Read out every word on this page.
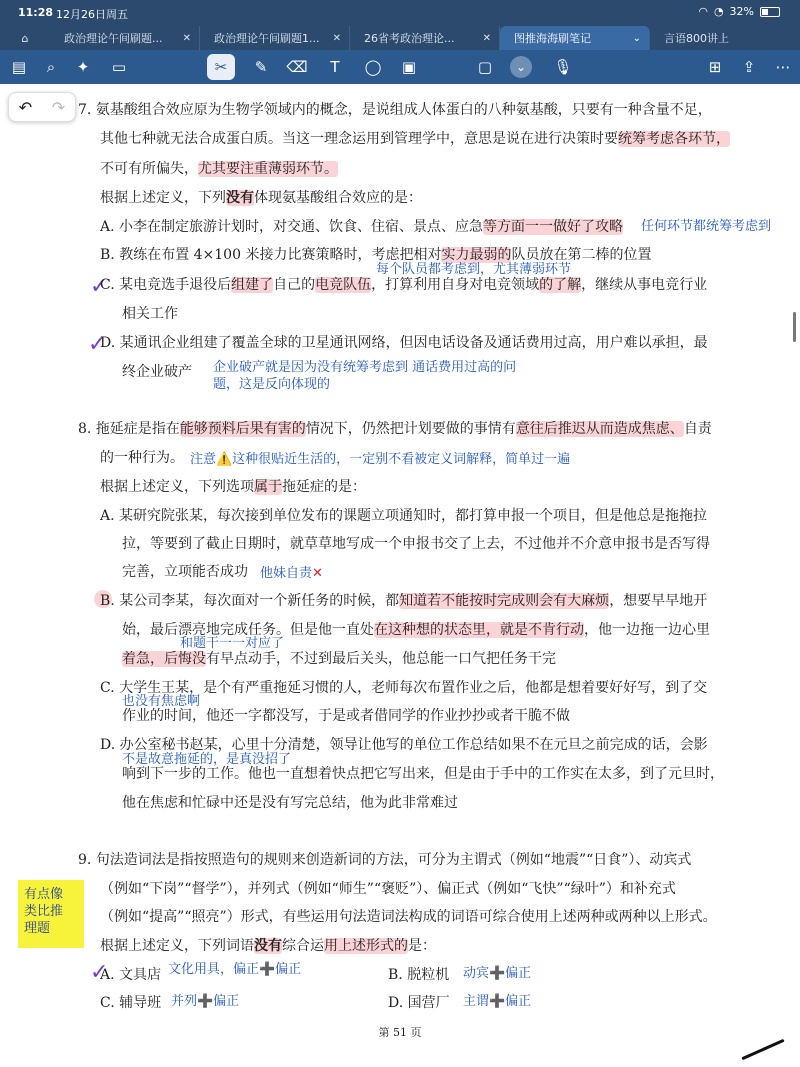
11:28 12月26日周五	◠ ◔ 32%
⌂	政治理论午间刷题...	✕ 政治理论午间刷题1...	✕ 26省考政治理论...	✕ 图推海海刷笔记	⌄ 言语800讲上
▤	⌕	✦	▭	✂	✎	⌫	T	◯ ▣	▢	⌄	🎙	⊞	⇪	⋯
↶ ↷ 7. 氨基酸组合效应原为生物学领域内的概念，是说组成人体蛋白的八种氨基酸，只要有一种含量不足，
其他七种就无法合成蛋白质。当这一理念运用到管理学中，意思是说在进行决策时要统筹考虑各环节，
不可有所偏失，尤其要注重薄弱环节。
根据上述定义，下列没有体现氨基酸组合效应的是：
A. 小李在制定旅游计划时，对交通、饮食、住宿、景点、应急等方面一一做好了攻略 任何环节都统筹考虑到
B. 教练在布置 4×100 米接力比赛策略时，考虑把相对实力最弱的队员放在第二棒的位置
每个队员都考虑到，尤其薄弱环节
✓
C. 某电竞选手退役后组建了自己的电竞队伍，打算利用自身对电竞领域的了解，继续从事电竞行业
相关工作
✓
D. 某通讯企业组建了覆盖全球的卫星通讯网络，但因电话设备及通话费用过高，用户难以承担，最
终企业破产 企业破产就是因为没有统筹考虑到 通话费用过高的问
题，这是反向体现的
8. 拖延症是指在能够预料后果有害的情况下，仍然把计划要做的事情有意往后推迟从而造成焦虑、自责
的一种行为。 注意⚠️这种很贴近生活的，一定别不看被定义词解释，简单过一遍
根据上述定义，下列选项属于拖延症的是：
A. 某研究院张某，每次接到单位发布的课题立项通知时，都打算申报一个项目，但是他总是拖拖拉
拉，等要到了截止日期时，就草草地写成一个申报书交了上去，不过他并不介意申报书是否写得
完善，立项能否成功 他妹自责✕
B. 某公司李某，每次面对一个新任务的时候，都知道若不能按时完成则会有大麻烦，想要早早地开
始，最后漂亮地完成任务。但是他一直处在这种想的状态里，就是不肯行动，他一边拖一边心里
和题干一一对应了
着急，后悔没有早点动手，不过到最后关头，他总能一口气把任务干完
C. 大学生王某，是个有严重拖延习惯的人，老师每次布置作业之后，他都是想着要好好写，到了交
也没有焦虑啊
作业的时间，他还一字都没写，于是或者借同学的作业抄抄或者干脆不做
D. 办公室秘书赵某，心里十分清楚，领导让他写的单位工作总结如果不在元旦之前完成的话，会影
不是故意拖延的，是真没招了
响到下一步的工作。他也一直想着快点把它写出来，但是由于手中的工作实在太多，到了元旦时，
他在焦虑和忙碌中还是没有写完总结，他为此非常难过
9. 句法造词法是指按照造句的规则来创造新词的方法，可分为主谓式（例如“地震”“日食”）、动宾式
（例如“下岗”“督学”），并列式（例如“师生”“褒贬”）、偏正式（例如“飞快”“绿叶”）和补充式
（例如“提高”“照亮”）形式，有些运用句法造词法构成的词语可综合使用上述两种或两种以上形式。
根据上述定义，下列词语没有综合运用上述形式的是：
✓
A. 文具店 文化用具，偏正➕偏正	B. 脱粒机 动宾➕偏正
C. 辅导班 并列➕偏正	D. 国营厂 主谓➕偏正
有点像
类比推
理题
第 51 页
